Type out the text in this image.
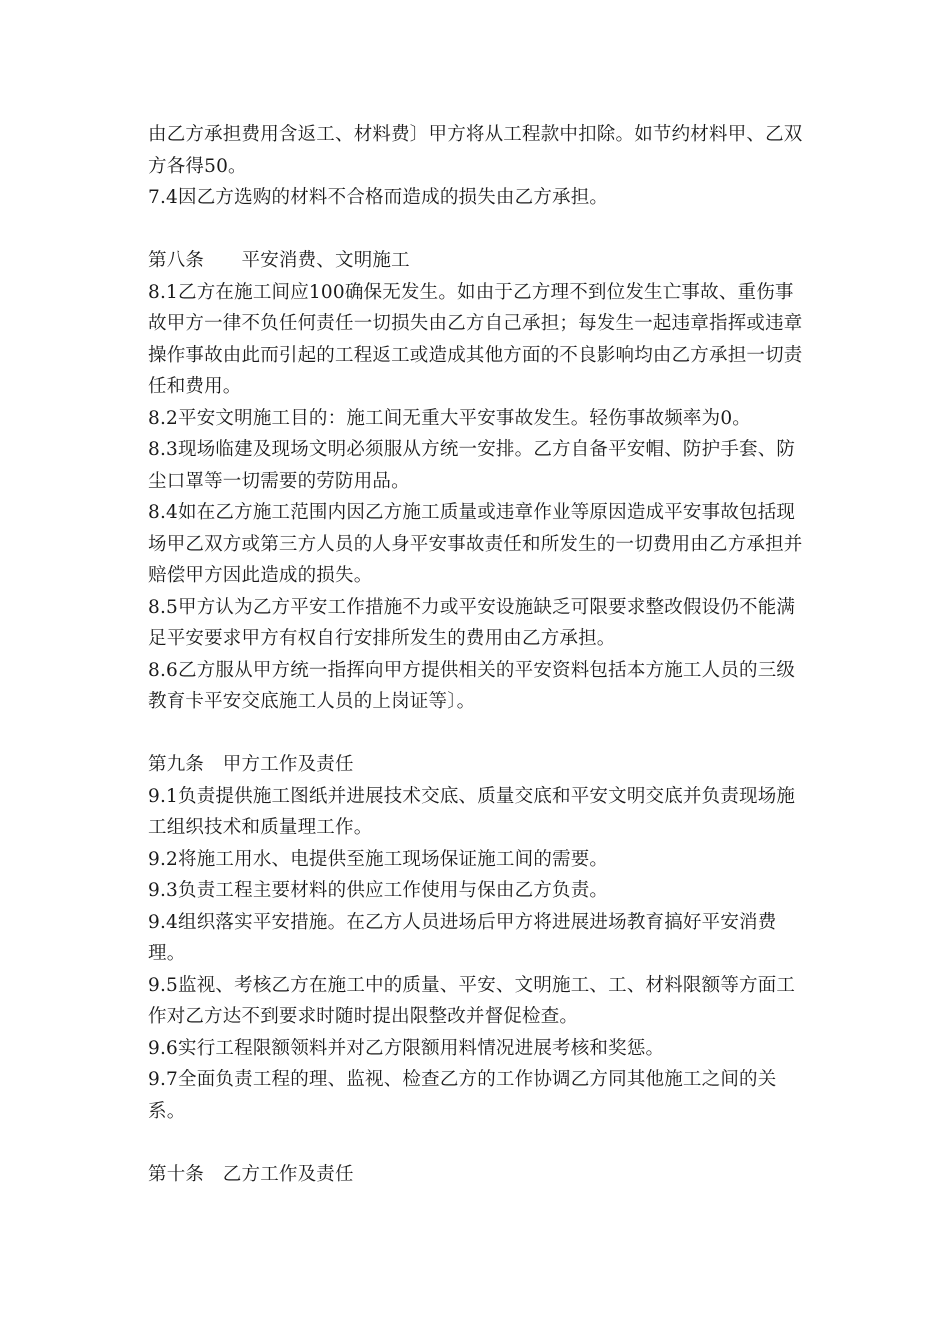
由乙方承担费用含返工、材料费〕甲方将从工程款中扣除。如节约材料甲、乙双方各得50。

7.4因乙方选购的材料不合格而造成的损失由乙方承担。

第八条　　平安消费、文明施工

8.1乙方在施工间应100确保无发生。如由于乙方理不到位发生亡事故、重伤事故甲方一律不负任何责任一切损失由乙方自己承担；每发生一起违章指挥或违章操作事故由此而引起的工程返工或造成其他方面的不良影响均由乙方承担一切责任和费用。

8.2平安文明施工目的：施工间无重大平安事故发生。轻伤事故频率为0。

8.3现场临建及现场文明必须服从方统一安排。乙方自备平安帽、防护手套、防尘口罩等一切需要的劳防用品。

8.4如在乙方施工范围内因乙方施工质量或违章作业等原因造成平安事故包括现场甲乙双方或第三方人员的人身平安事故责任和所发生的一切费用由乙方承担并赔偿甲方因此造成的损失。

8.5甲方认为乙方平安工作措施不力或平安设施缺乏可限要求整改假设仍不能满足平安要求甲方有权自行安排所发生的费用由乙方承担。

8.6乙方服从甲方统一指挥向甲方提供相关的平安资料包括本方施工人员的三级教育卡平安交底施工人员的上岗证等〕。

第九条　甲方工作及责任

9.1负责提供施工图纸并进展技术交底、质量交底和平安文明交底并负责现场施工组织技术和质量理工作。

9.2将施工用水、电提供至施工现场保证施工间的需要。

9.3负责工程主要材料的供应工作使用与保由乙方负责。

9.4组织落实平安措施。在乙方人员进场后甲方将进展进场教育搞好平安消费理。

9.5监视、考核乙方在施工中的质量、平安、文明施工、工、材料限额等方面工作对乙方达不到要求时随时提出限整改并督促检查。

9.6实行工程限额领料并对乙方限额用料情况进展考核和奖惩。

9.7全面负责工程的理、监视、检查乙方的工作协调乙方同其他施工之间的关系。

第十条　乙方工作及责任
